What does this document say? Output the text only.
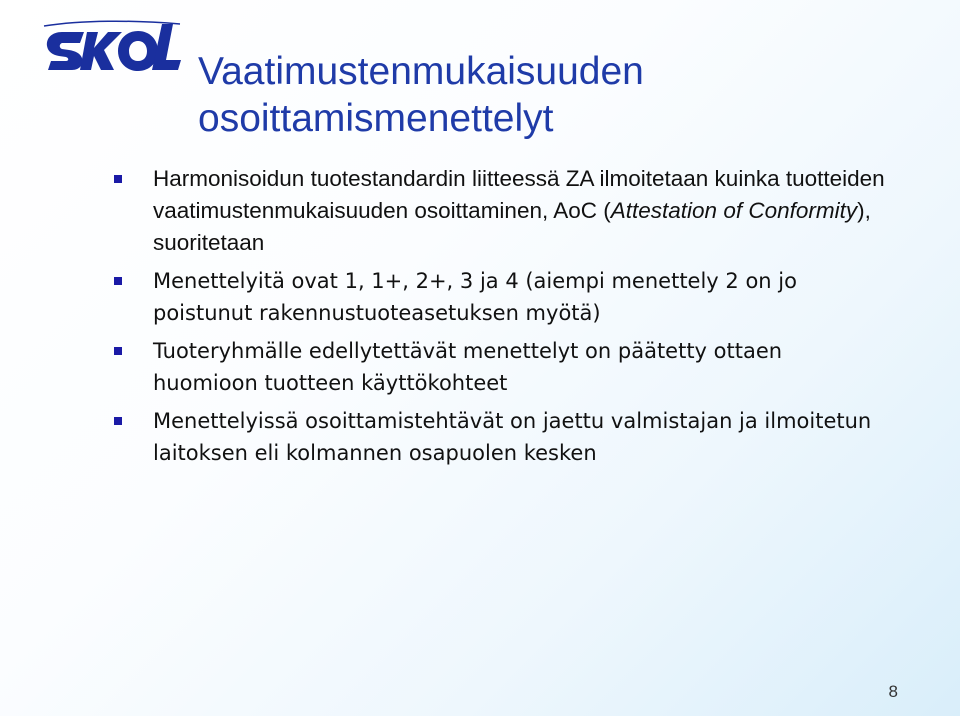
Vaatimustenmukaisuuden
osoittamismenettelyt
Harmonisoidun tuotestandardin liitteessä ZA ilmoitetaan kuinka tuotteiden vaatimustenmukaisuuden osoittaminen, AoC (Attestation of Conformity), suoritetaan
Menettelyitä ovat 1, 1+, 2+, 3 ja 4 (aiempi menettely 2 on jo poistunut rakennustuoteasetuksen myötä)
Tuoteryhmälle edellytettävät menettelyt on päätetty ottaen huomioon tuotteen käyttökohteet
Menettelyissä osoittamistehtävät on jaettu valmistajan ja ilmoitetun laitoksen eli kolmannen osapuolen kesken
8
